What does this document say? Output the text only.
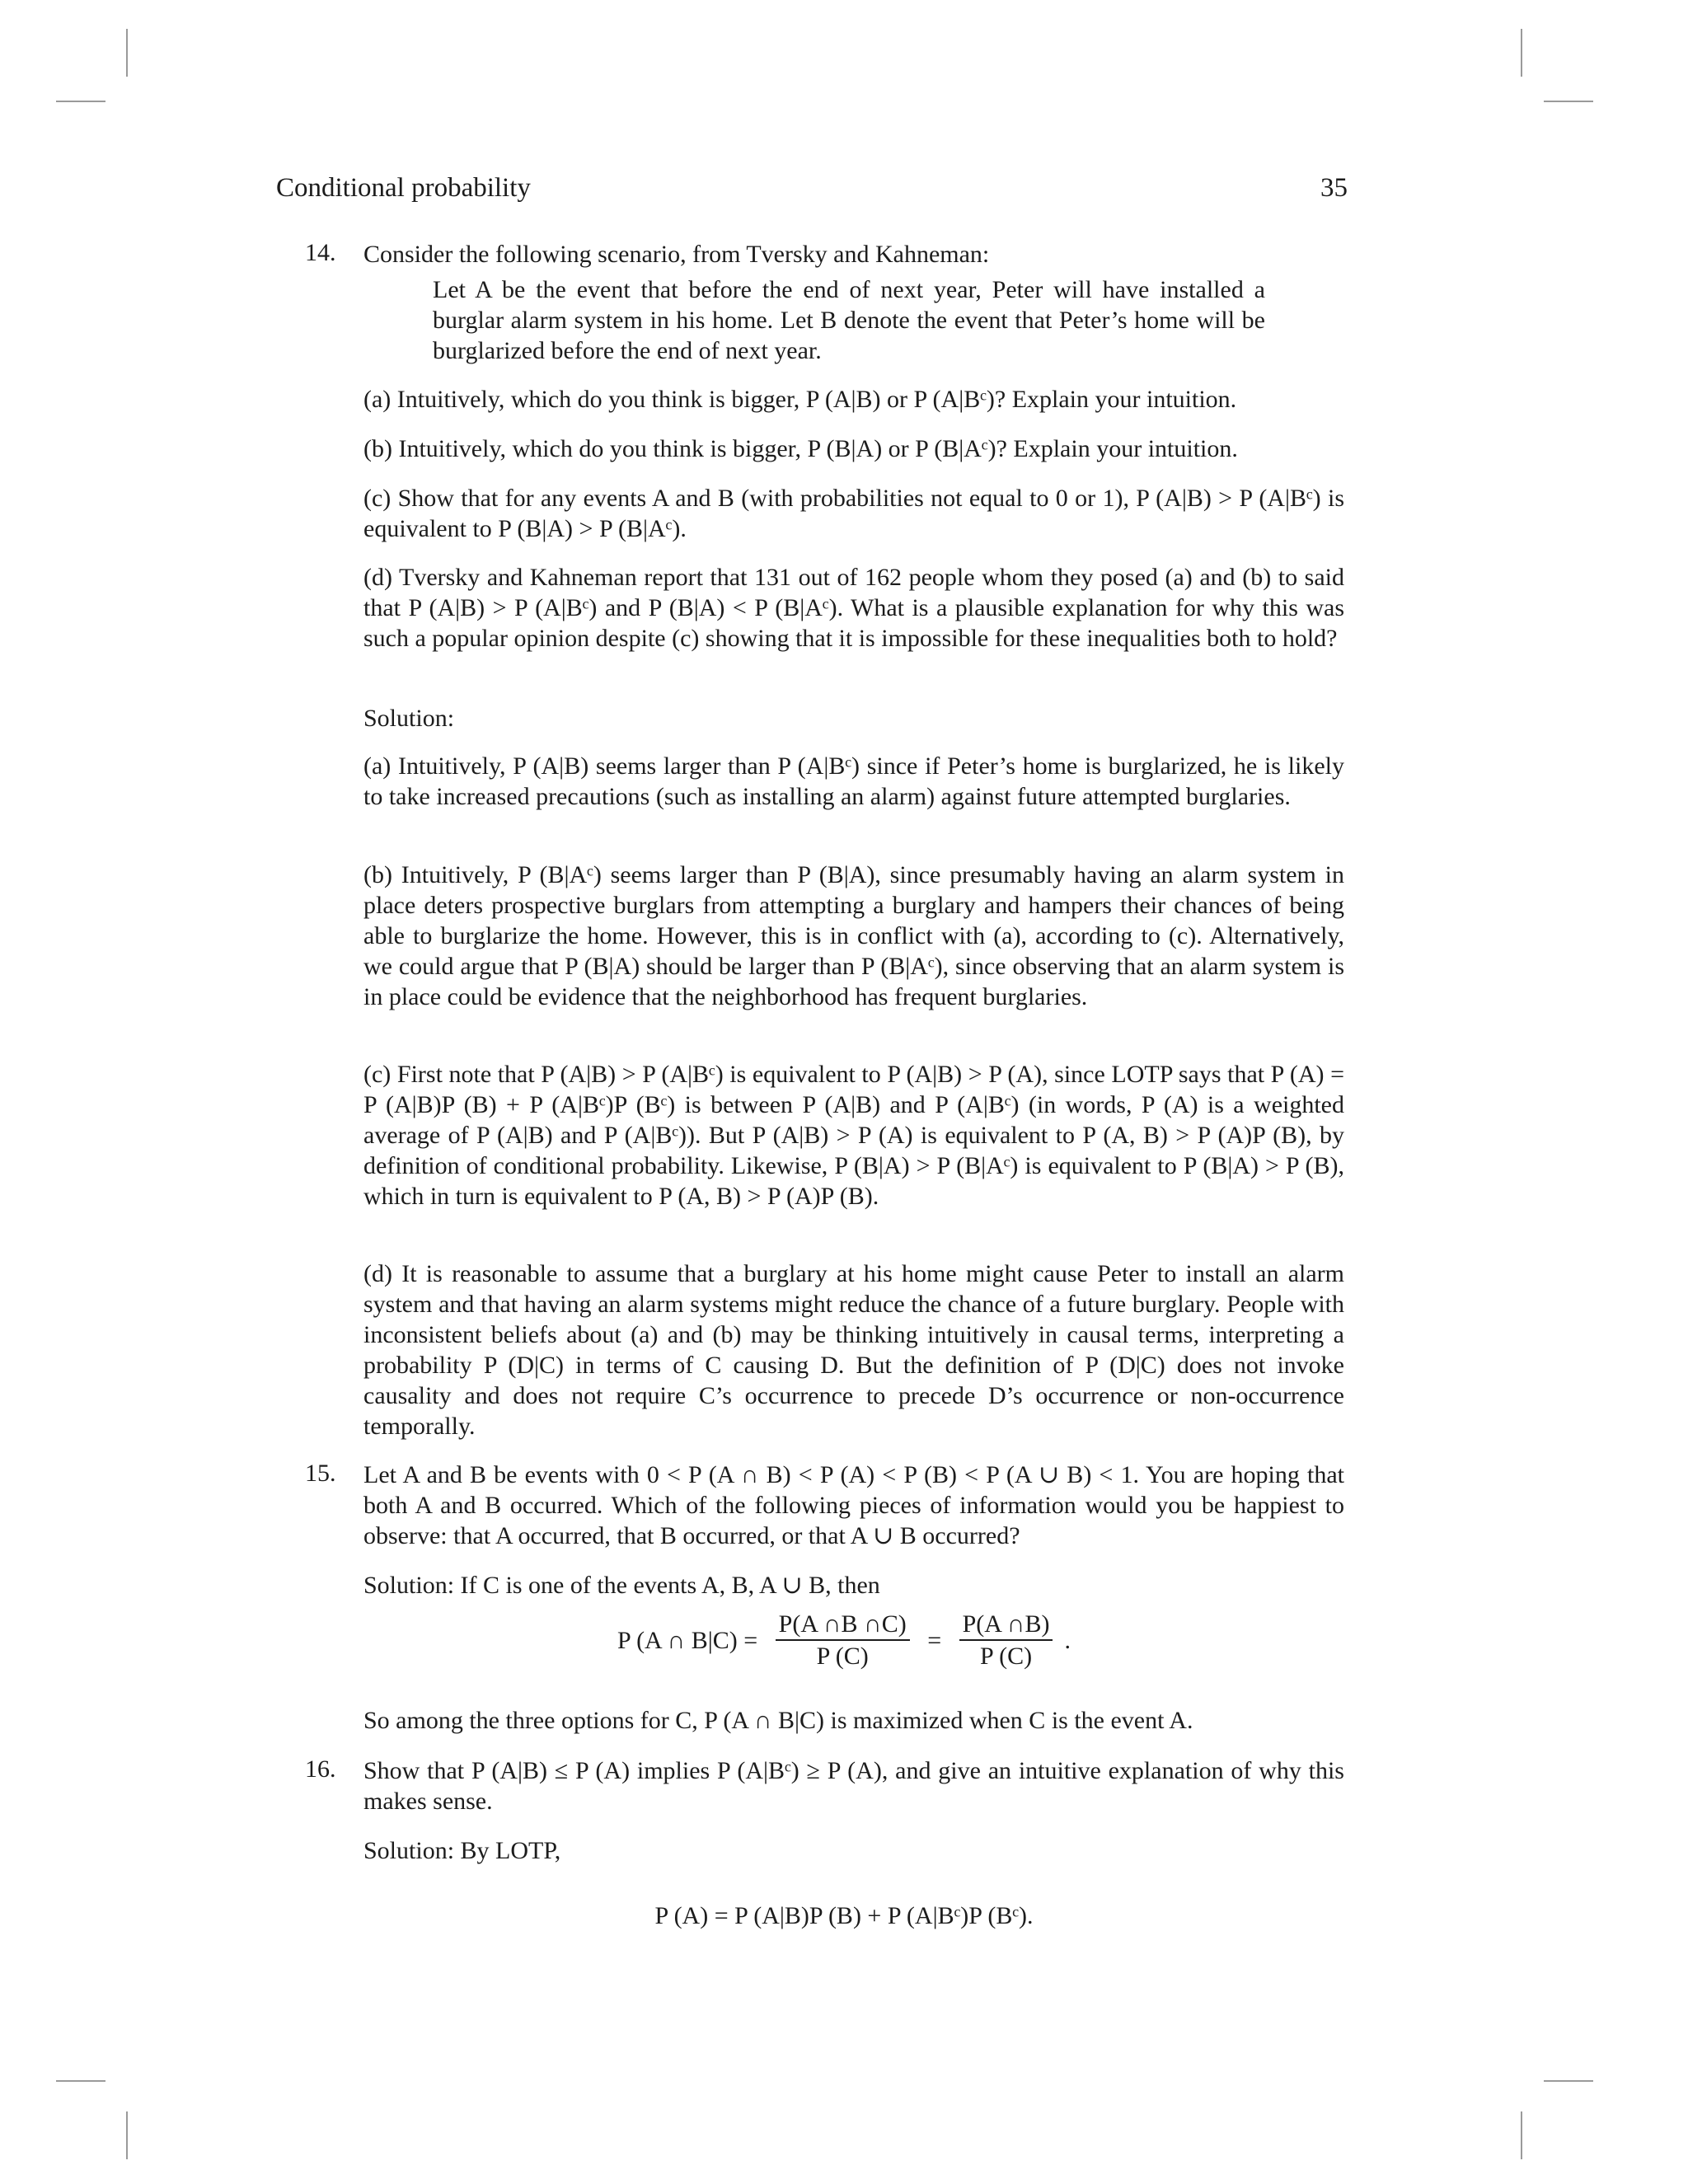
Conditional probability	35
14. Consider the following scenario, from Tversky and Kahneman:

Let A be the event that before the end of next year, Peter will have installed a burglar alarm system in his home. Let B denote the event that Peter’s home will be burglarized before the end of next year.

(a) Intuitively, which do you think is bigger, P (A|B) or P (A|Bᶜ)? Explain your intuition.

(b) Intuitively, which do you think is bigger, P (B|A) or P (B|Aᶜ)? Explain your intuition.

(c) Show that for any events A and B (with probabilities not equal to 0 or 1), P (A|B) > P (A|Bᶜ) is equivalent to P (B|A) > P (B|Aᶜ).

(d) Tversky and Kahneman report that 131 out of 162 people whom they posed (a) and (b) to said that P (A|B) > P (A|Bᶜ) and P (B|A) < P (B|Aᶜ). What is a plausible explanation for why this was such a popular opinion despite (c) showing that it is impossible for these inequalities both to hold?

Solution:

(a) Intuitively, P (A|B) seems larger than P (A|Bᶜ) since if Peter’s home is burglarized, he is likely to take increased precautions (such as installing an alarm) against future attempted burglaries.

(b) Intuitively, P (B|Aᶜ) seems larger than P (B|A), since presumably having an alarm system in place deters prospective burglars from attempting a burglary and hampers their chances of being able to burglarize the home. However, this is in conflict with (a), according to (c). Alternatively, we could argue that P (B|A) should be larger than P (B|Aᶜ), since observing that an alarm system is in place could be evidence that the neighborhood has frequent burglaries.

(c) First note that P (A|B) > P (A|Bᶜ) is equivalent to P (A|B) > P (A), since LOTP says that P (A) = P (A|B)P (B) + P (A|Bᶜ)P (Bᶜ) is between P (A|B) and P (A|Bᶜ) (in words, P (A) is a weighted average of P (A|B) and P (A|Bᶜ)). But P (A|B) > P (A) is equivalent to P (A, B) > P (A)P (B), by definition of conditional probability. Likewise, P (B|A) > P (B|Aᶜ) is equivalent to P (B|A) > P (B), which in turn is equivalent to P (A, B) > P (A)P (B).

(d) It is reasonable to assume that a burglary at his home might cause Peter to install an alarm system and that having an alarm systems might reduce the chance of a future burglary. People with inconsistent beliefs about (a) and (b) may be thinking intuitively in causal terms, interpreting a probability P (D|C) in terms of C causing D. But the definition of P (D|C) does not invoke causality and does not require C’s occurrence to precede D’s occurrence or non-occurrence temporally.

15. Let A and B be events with 0 < P (A ∩ B) < P (A) < P (B) < P (A ∪ B) < 1. You are hoping that both A and B occurred. Which of the following pieces of information would you be happiest to observe: that A occurred, that B occurred, or that A ∪ B occurred?

Solution: If C is one of the events A, B, A ∪ B, then

P (A ∩ $B|C) = \frac{P(A \cap B \cap C)}{P (C)} = \frac{P(A \cap B)}{P (C)}$ .

So among the three options for C, P (A ∩ B|C) is maximized when C is the event A.

16. Show that P (A|B) ≤ P (A) implies P (A|Bᶜ) ≥ P (A), and give an intuitive explanation of why this makes sense.

Solution: By LOTP,

P (A) = P (A|B)P (B) + P (A|Bᶜ)P (Bᶜ).
